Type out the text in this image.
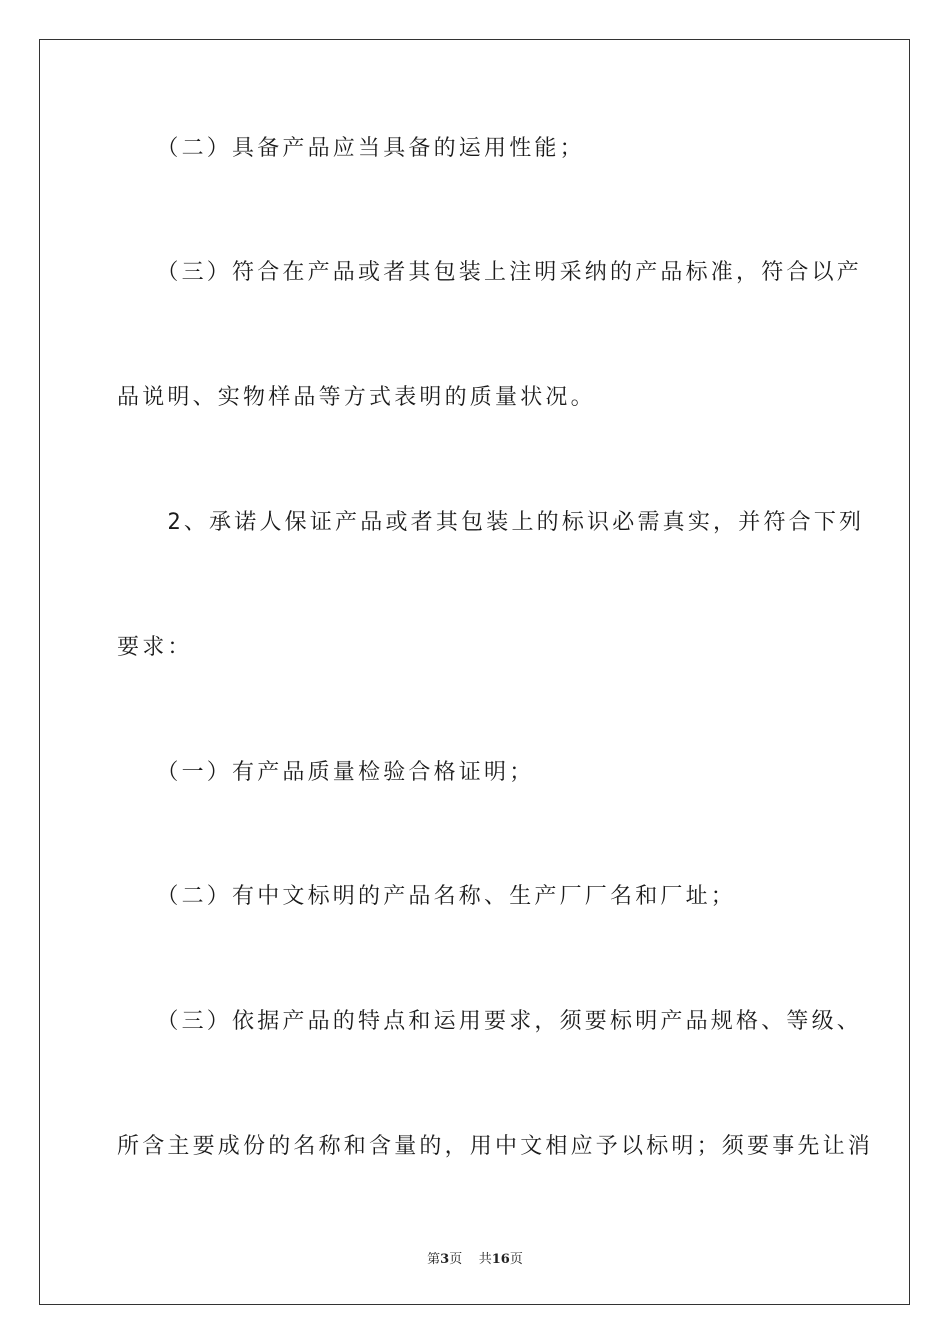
　　（二）具备产品应当具备的运用性能；
　　（三）符合在产品或者其包装上注明采纳的产品标准，符合以产
品说明、实物样品等方式表明的质量状况。
　　2、承诺人保证产品或者其包装上的标识必需真实，并符合下列
要求：
　　（一）有产品质量检验合格证明；
　　（二）有中文标明的产品名称、生产厂厂名和厂址；
　　（三）依据产品的特点和运用要求，须要标明产品规格、等级、
所含主要成份的名称和含量的，用中文相应予以标明；须要事先让消
第3页 共16页
